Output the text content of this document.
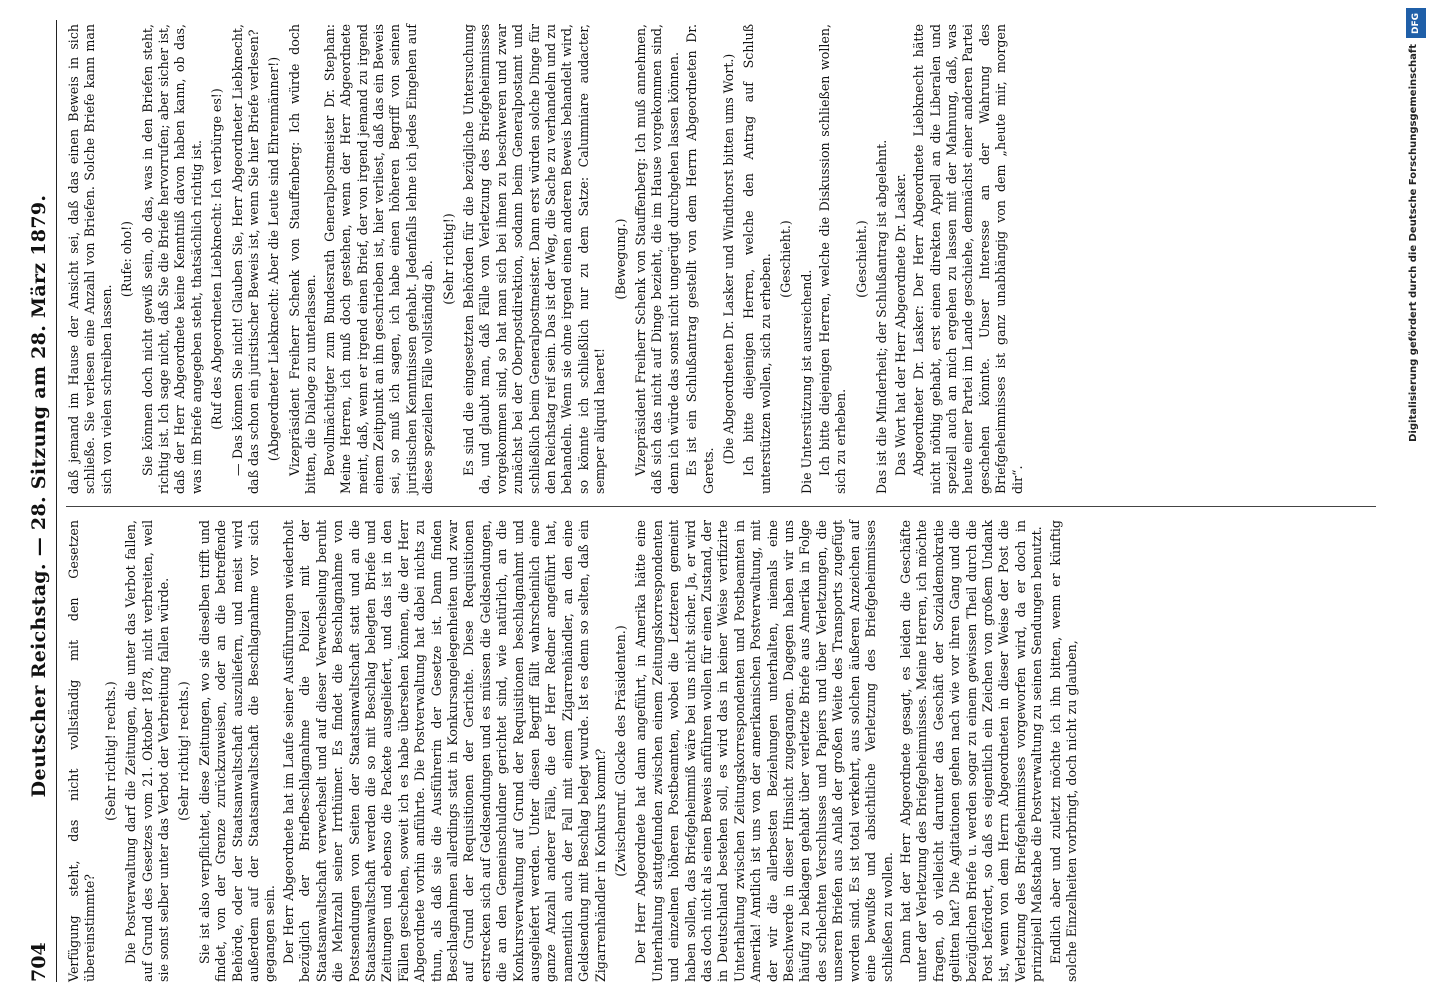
704
Deutscher Reichstag. — 28. Sitzung am 28. März 1879. Verfügung steht, das nicht vollständig mit den Gesetzen übereinstimmte?

(Sehr richtig! rechts.) Die Postverwaltung darf die Zeitungen, die unter das Verbot fallen, auf Grund des Gesetzes vom 21. Oktober 1878, nicht verbreiten, weil sie sonst selber unter das Verbot der Verbreitung fallen würde. (Sehr richtig! rechts.) Sie ist also verpflichtet, diese Zeitungen, wo sie dieselben trifft und findet, von der Grenze zurückzuweisen, oder an die betreffende Behörde, oder der Staatsanwaltschaft auszuliefern, und meist wird außerdem auf der Staatsanwaltschaft die Beschlagnahme vor sich gegangen sein. Der Herr Abgeordnete hat im Laufe seiner Ausführungen wiederholt bezüglich der Briefbeschlagnahme die Polizei mit der Staatsanwaltschaft verwechselt und auf dieser Verwechselung beruht die Mehrzahl seiner Irrthümer. Es findet die Beschlagnahme von Postsendungen von Seiten der Staatsanwaltschaft statt und an die Staatsanwaltschaft werden die so mit Beschlag belegten Briefe und Zeitungen und ebenso die Packete ausgeliefert, und das ist in den Fällen geschehen, soweit ich es habe übersehen können, die der Herr Abgeordnete vorhin anführte. Die Postverwaltung hat dabei nichts zu thun, als daß sie die Ausführerin der Gesetze ist. Dann finden Beschlagnahmen allerdings statt in Konkursangelegenheiten und zwar auf Grund der Requisitionen der Gerichte. Diese Requisitionen erstrecken sich auf Geldsendungen und es müssen die Geldsendungen, die an den Gemeinschuldner gerichtet sind, wie natürlich, an die Konkursverwaltung auf Grund der Requisitionen beschlagnahmt und ausgeliefert werden. Unter diesen Begriff fällt wahrscheinlich eine ganze Anzahl anderer Fälle, die der Herr Redner angeführt hat, namentlich auch der Fall mit einem Zigarrenhändler, an den eine Geldsendung mit Beschlag belegt wurde. Ist es denn so selten, daß ein Zigarrenhändler in Konkurs kommt? (Zwischenruf. Glocke des Präsidenten.) Der Herr Abgeordnete hat dann angeführt, in Amerika hätte eine Unterhaltung stattgefunden zwischen einem Zeitungskorrespondenten und einzelnen höheren Postbeamten, wobei die Letzteren gemeint haben sollen, das Briefgeheimniß wäre bei uns nicht sicher. Ja, er wird das doch nicht als einen Beweis anführen wollen für einen Zustand, der in Deutschland bestehen soll, es wird das in keiner Weise verifizirte Unterhaltung zwischen Zeitungskorrespondenten und Postbeamten in Amerika! Amtlich ist uns von der amerikanischen Postverwaltung, mit der wir die allerbesten Beziehungen unterhalten, niemals eine Beschwerde in dieser Hinsicht zugegangen. Dagegen haben wir uns häufig zu beklagen gehabt über verletzte Briefe aus Amerika in Folge des schlechten Verschlusses und Papiers und über Verletzungen, die unseren Briefen aus Anlaß der großen Weite des Transports zugefügt worden sind. Es ist total verkehrt, aus solchen äußeren Anzeichen auf eine bewußte und absichtliche Verletzung des Briefgeheimnisses schließen zu wollen. Dann hat der Herr Abgeordnete gesagt, es leiden die Geschäfte unter der Verletzung des Briefgeheimnisses. Meine Herren, ich möchte fragen, ob vielleicht darunter das Geschäft der Sozialdemokratie gelitten hat? Die Agitationen gehen nach wie vor ihren Gang und die bezüglichen Briefe u. werden sogar zu einem gewissen Theil durch die Post befördert, so daß es eigentlich ein Zeichen von großem Undank ist, wenn von dem Herrn Abgeordneten in dieser Weise der Post die Verletzung des Briefgeheimnisses vorgeworfen wird, da er doch in prinzipiell Maßstabe die Postverwaltung zu seinen Sendungen benutzt. Endlich aber und zuletzt möchte ich ihn bitten, wenn er künftig solche Einzelheiten vorbringt, doch nicht zu glauben,

daß jemand im Hause der Ansicht sei, daß das einen Beweis in sich schließe. Sie verlesen eine Anzahl von Briefen. Solche Briefe kann man sich von vielen schreiben lassen.

(Rufe: oho!) Sie können doch nicht gewiß sein, ob das, was in den Briefen steht, richtig ist. Ich sage nicht, daß Sie die Briefe hervorrufen; aber sicher ist, daß der Herr Abgeordnete keine Kenntniß davon haben kann, ob das, was im Briefe angegeben steht, thatsächlich richtig ist. (Ruf des Abgeordneten Liebknecht: Ich verbürge es!) — Das können Sie nicht! Glauben Sie, Herr Abgeordneter Liebknecht, daß das schon ein juristischer Beweis ist, wenn Sie hier Briefe verlesen? (Abgeordneter Liebknecht: Aber die Leute sind Ehrenmänner!) Vizepräsident Freiherr Schenk von Stauffenberg: Ich würde doch bitten, die Dialoge zu unterlassen. Bevollmächtigter zum Bundesrath Generalpostmeister Dr. Stephan: Meine Herren, ich muß doch gestehen, wenn der Herr Abgeordnete meint, daß, wenn er irgend einen Brief, der von irgend jemand zu irgend einem Zeitpunkt an ihn geschrieben ist, hier verliest, daß das ein Beweis sei, so muß ich sagen, ich habe einen höheren Begriff von seinen juristischen Kenntnissen gehabt. Jedenfalls lehne ich jedes Eingehen auf diese speziellen Fälle vollständig ab.

(Sehr richtig!) Es sind die eingesetzten Behörden für die bezügliche Untersuchung da, und glaubt man, daß Fälle von Verletzung des Briefgeheimnisses vorgekommen sind, so hat man sich bei ihnen zu beschweren und zwar zunächst bei der Oberpostdirektion, sodann beim Generalpostamt und schließlich beim Generalpostmeister. Dann erst würden solche Dinge für den Reichstag reif sein. Das ist der Weg, die Sache zu verhandeln und zu behandeln. Wenn sie ohne irgend einen anderen Beweis behandelt wird, so könnte ich schließlich nur zu dem Satze: Calumniare audacter, semper aliquid haeret!

(Bewegung.) Vizepräsident Freiherr Schenk von Stauffenberg: Ich muß annehmen, daß sich das nicht auf Dinge bezieht, die im Hause vorgekommen sind, denn ich würde das sonst nicht ungerügt durchgehen lassen können. Es ist ein Schlußantrag gestellt von dem Herrn Abgeordneten Dr. Gerets.

(Die Abgeordneten Dr. Lasker und Windthorst bitten ums Wort.) Ich bitte diejenigen Herren, welche den Antrag auf Schluß unterstützen wollen, sich zu erheben. (Geschieht.)

Die Unterstützung ist ausreichend. Ich bitte diejenigen Herren, welche die Diskussion schließen wollen, sich zu erheben.

(Geschieht.) Das ist die Minderheit; der Schlußantrag ist abgelehnt. Das Wort hat der Herr Abgeordnete Dr. Lasker. Abgeordneter Dr. Lasker: Der Herr Abgeordnete Liebknecht hätte nicht nöthig gehabt, erst einen direkten Appell an die Liberalen und speziell auch an mich ergehen zu lassen mit der Mahnung, daß, was heute einer Partei im Lande geschiehe, demnächst einer anderen Partei geschehen könnte. Unser Interesse an der Wahrung des Briefgeheimnisses ist ganz unabhängig von dem „heute mir, morgen dir“.

DFG
Digitalisierung gefördert durch die Deutsche Forschungsgemeinschaft
